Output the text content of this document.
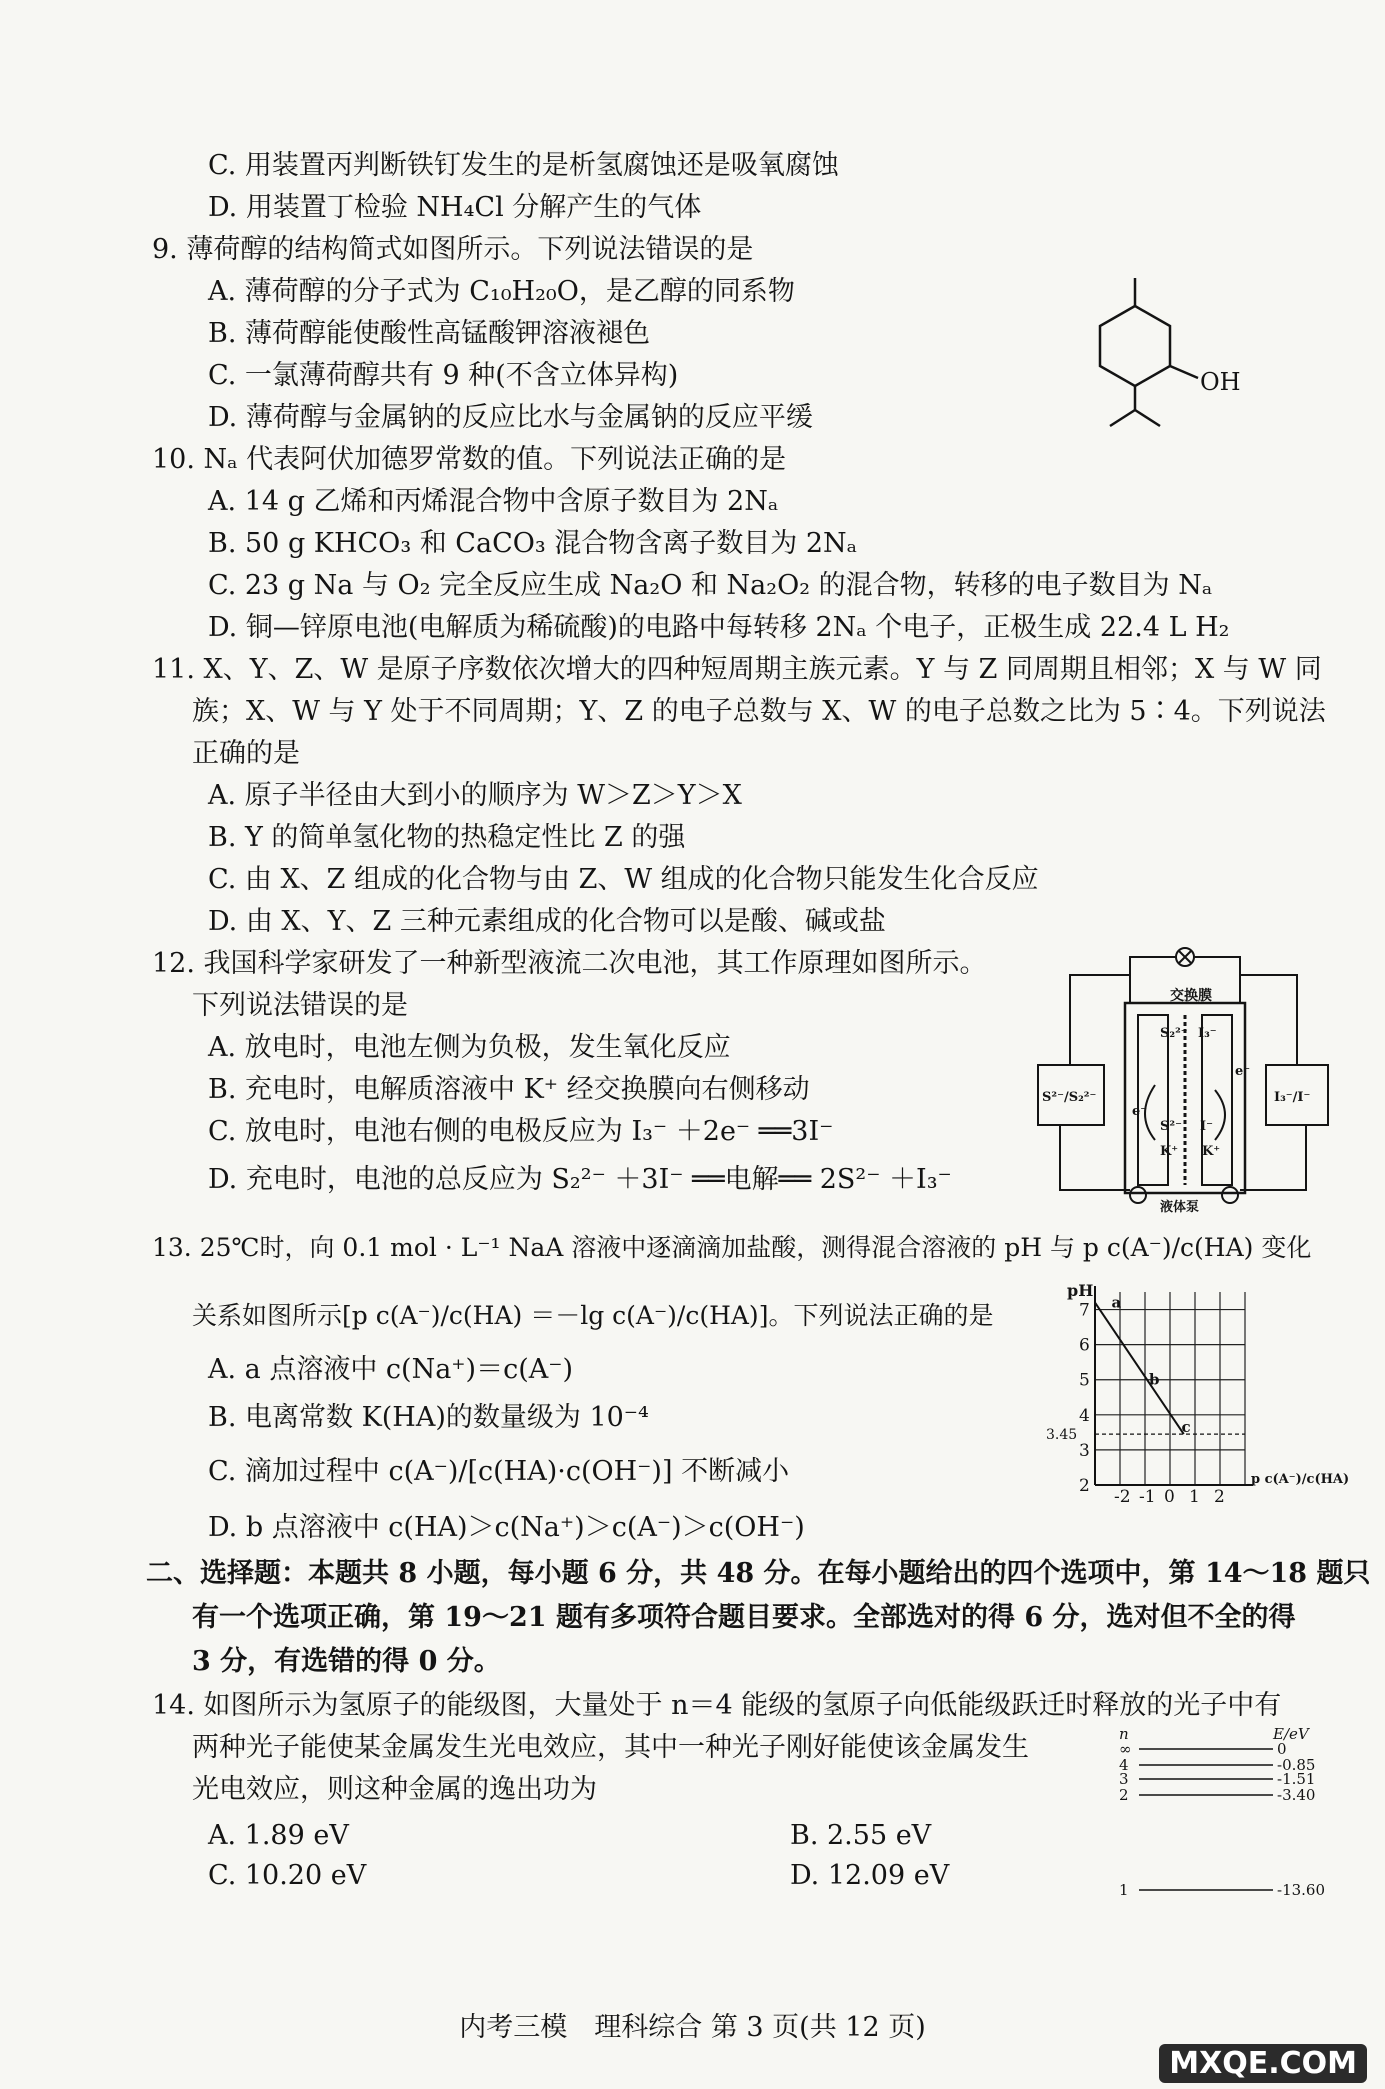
C. 用装置丙判断铁钉发生的是析氢腐蚀还是吸氧腐蚀
D. 用装置丁检验 NH₄Cl 分解产生的气体
9. 薄荷醇的结构简式如图所示。下列说法错误的是
A. 薄荷醇的分子式为 C₁₀H₂₀O，是乙醇的同系物
B. 薄荷醇能使酸性高锰酸钾溶液褪色
C. 一氯薄荷醇共有 9 种(不含立体异构)
D. 薄荷醇与金属钠的反应比水与金属钠的反应平缓
10. Nₐ 代表阿伏加德罗常数的值。下列说法正确的是
A. 14 g 乙烯和丙烯混合物中含原子数目为 2Nₐ
B. 50 g KHCO₃ 和 CaCO₃ 混合物含离子数目为 2Nₐ
C. 23 g Na 与 O₂ 完全反应生成 Na₂O 和 Na₂O₂ 的混合物，转移的电子数目为 Nₐ
D. 铜—锌原电池(电解质为稀硫酸)的电路中每转移 2Nₐ 个电子，正极生成 22.4 L H₂
11. X、Y、Z、W 是原子序数依次增大的四种短周期主族元素。Y 与 Z 同周期且相邻；X 与 W 同
族；X、W 与 Y 处于不同周期；Y、Z 的电子总数与 X、W 的电子总数之比为 5∶4。下列说法
正确的是
A. 原子半径由大到小的顺序为 W＞Z＞Y＞X
B. Y 的简单氢化物的热稳定性比 Z 的强
C. 由 X、Z 组成的化合物与由 Z、W 组成的化合物只能发生化合反应
D. 由 X、Y、Z 三种元素组成的化合物可以是酸、碱或盐
12. 我国科学家研发了一种新型液流二次电池，其工作原理如图所示。
下列说法错误的是
A. 放电时，电池左侧为负极，发生氧化反应
B. 充电时，电解质溶液中 K⁺ 经交换膜向右侧移动
C. 放电时，电池右侧的电极反应为 I₃⁻ ＋2e⁻ ══3I⁻
D. 充电时，电池的总反应为 S₂²⁻ ＋3I⁻ ══电解══ 2S²⁻ ＋I₃⁻
13. 25℃时，向 0.1 mol · L⁻¹ NaA 溶液中逐滴滴加盐酸，测得混合溶液的 pH 与 p c(A⁻)/c(HA) 变化
关系如图所示[p c(A⁻)/c(HA) ＝－lg c(A⁻)/c(HA)]。下列说法正确的是
A. a 点溶液中 c(Na⁺)＝c(A⁻)
B. 电离常数 K(HA)的数量级为 10⁻⁴
C. 滴加过程中 c(A⁻)/[c(HA)·c(OH⁻)] 不断减小
D. b 点溶液中 c(HA)＞c(Na⁺)＞c(A⁻)＞c(OH⁻)
二、选择题：本题共 8 小题，每小题 6 分，共 48 分。在每小题给出的四个选项中，第 14～18 题只
有一个选项正确，第 19～21 题有多项符合题目要求。全部选对的得 6 分，选对但不全的得
3 分，有选错的得 0 分。
14. 如图所示为氢原子的能级图，大量处于 n＝4 能级的氢原子向低能级跃迁时释放的光子中有
两种光子能使某金属发生光电效应，其中一种光子刚好能使该金属发生
光电效应，则这种金属的逸出功为
A. 1.89 eV	B. 2.55 eV
C. 10.20 eV	D. 12.09 eV
OH
交换膜
S²⁻/S₂²⁻	I₃⁻/I⁻
S₂²⁻ I₃⁻
S²⁻ I⁻
K⁺ K⁺
e⁻
e⁻
液体泵
3.45
a
b
c
2
3
4
5
6
7
-2 -1 0 1 2
pH
p c(A⁻)/c(HA)
n	E/eV
∞	0
4	-0.85
3	-1.51
2	-3.40
1	-13.60
内考三模　理科综合 第 3 页(共 12 页)
MXQE.COM
